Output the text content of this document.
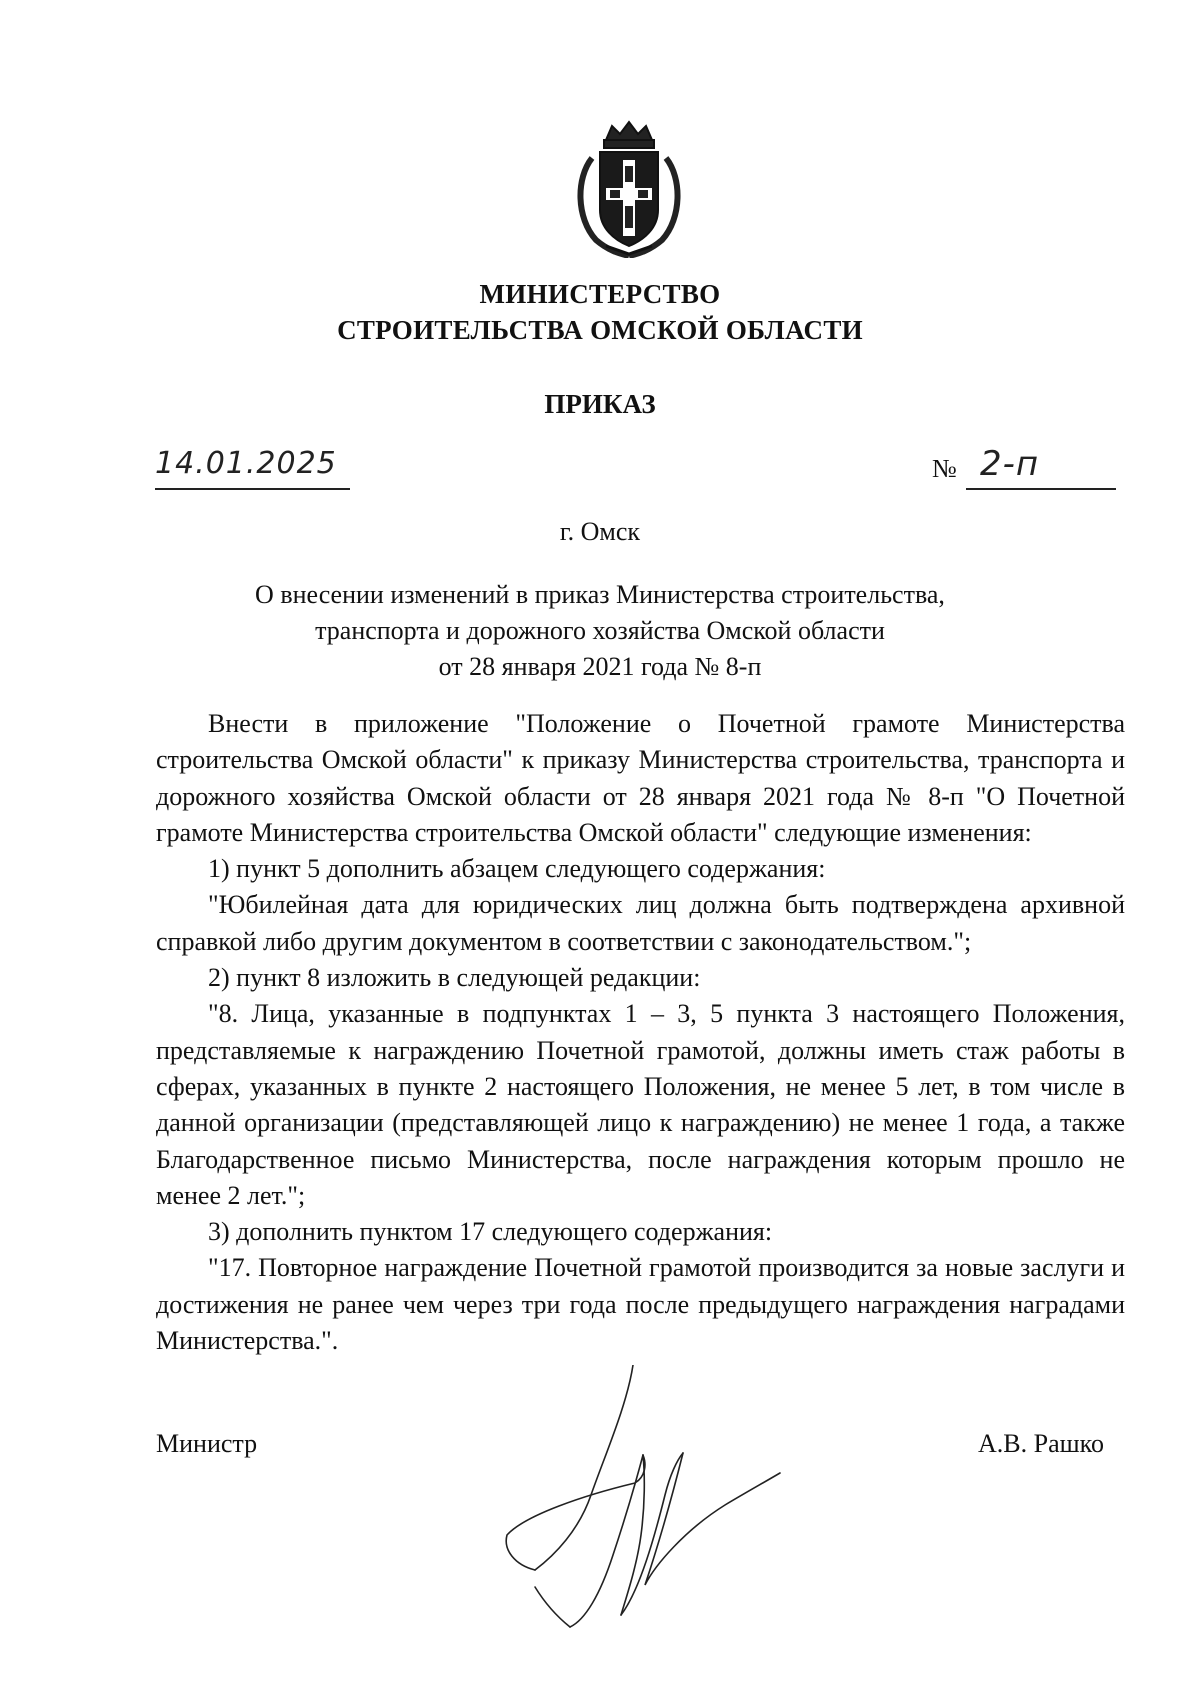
МИНИСТЕРСТВО
СТРОИТЕЛЬСТВА ОМСКОЙ ОБЛАСТИ
ПРИКАЗ
14.01.2025	№ 2-п
г. Омск
О внесении изменений в приказ Министерства строительства,
транспорта и дорожного хозяйства Омской области
от 28 января 2021 года № 8-п

Внести в приложение "Положение о Почетной грамоте Министерства строительства Омской области" к приказу Министерства строительства, транспорта и дорожного хозяйства Омской области от 28 января 2021 года № 8-п "О Почетной грамоте Министерства строительства Омской области" следующие изменения:

1) пункт 5 дополнить абзацем следующего содержания:

"Юбилейная дата для юридических лиц должна быть подтверждена архивной справкой либо другим документом в соответствии с законодательством.";

2) пункт 8 изложить в следующей редакции:

"8. Лица, указанные в подпунктах 1 – 3, 5 пункта 3 настоящего Положения, представляемые к награждению Почетной грамотой, должны иметь стаж работы в сферах, указанных в пункте 2 настоящего Положения, не менее 5 лет, в том числе в данной организации (представляющей лицо к награждению) не менее 1 года, а также Благодарственное письмо Министерства, после награждения которым прошло не менее 2 лет.";

3) дополнить пунктом 17 следующего содержания:

"17. Повторное награждение Почетной грамотой производится за новые заслуги и достижения не ранее чем через три года после предыдущего награждения наградами Министерства.".

Министр	А.В. Рашко
